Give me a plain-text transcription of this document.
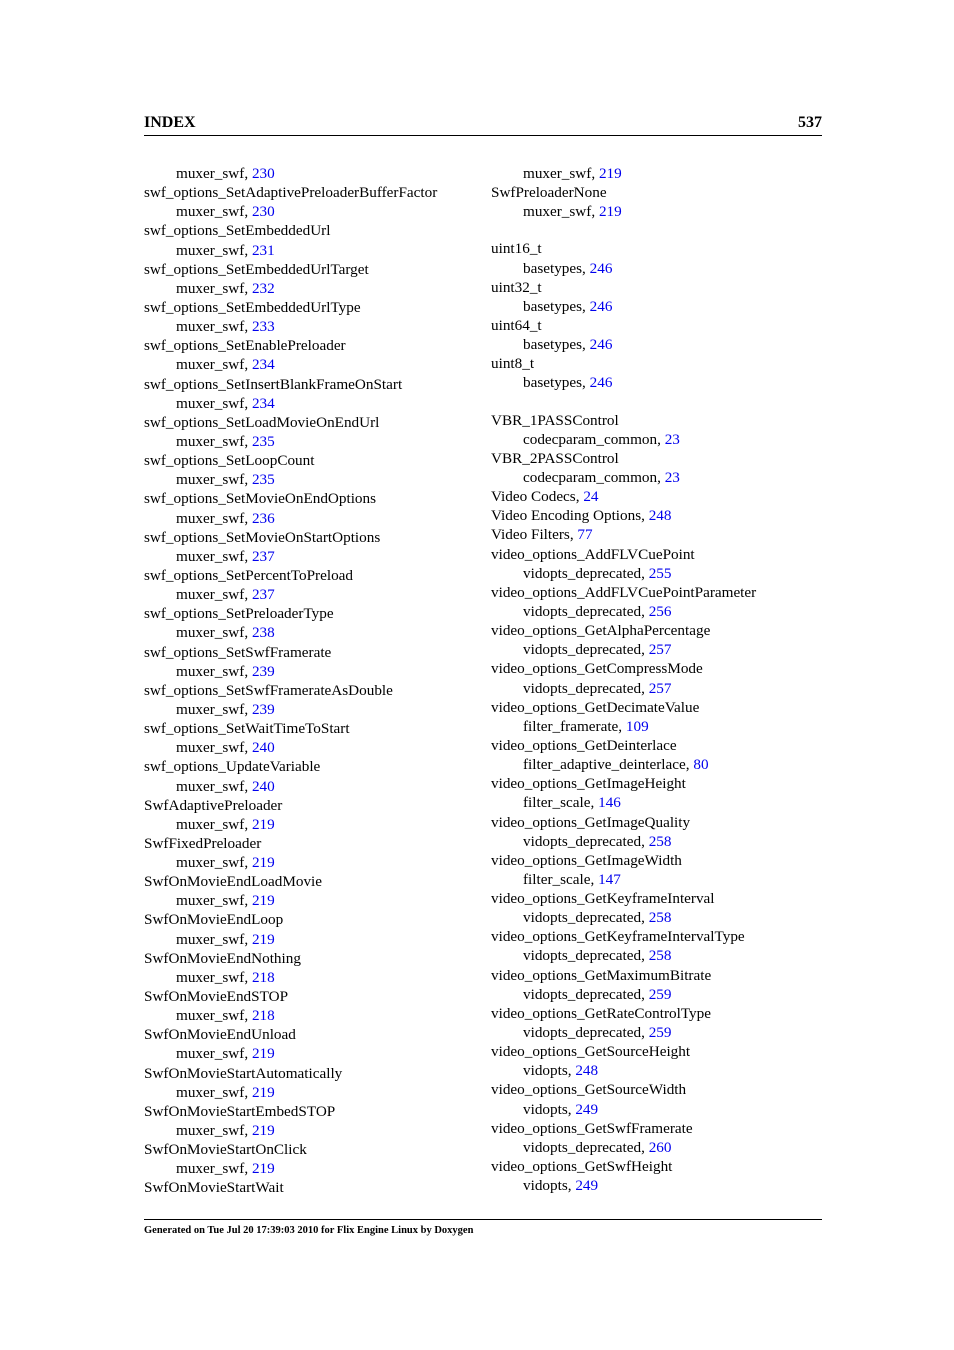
INDEX	537
muxer_swf, 230
swf_options_SetAdaptivePreloaderBufferFactor
muxer_swf, 230
swf_options_SetEmbeddedUrl
muxer_swf, 231
swf_options_SetEmbeddedUrlTarget
muxer_swf, 232
swf_options_SetEmbeddedUrlType
muxer_swf, 233
swf_options_SetEnablePreloader
muxer_swf, 234
swf_options_SetInsertBlankFrameOnStart
muxer_swf, 234
swf_options_SetLoadMovieOnEndUrl
muxer_swf, 235
swf_options_SetLoopCount
muxer_swf, 235
swf_options_SetMovieOnEndOptions
muxer_swf, 236
swf_options_SetMovieOnStartOptions
muxer_swf, 237
swf_options_SetPercentToPreload
muxer_swf, 237
swf_options_SetPreloaderType
muxer_swf, 238
swf_options_SetSwfFramerate
muxer_swf, 239
swf_options_SetSwfFramerateAsDouble
muxer_swf, 239
swf_options_SetWaitTimeToStart
muxer_swf, 240
swf_options_UpdateVariable
muxer_swf, 240
SwfAdaptivePreloader
muxer_swf, 219
SwfFixedPreloader
muxer_swf, 219
SwfOnMovieEndLoadMovie
muxer_swf, 219
SwfOnMovieEndLoop
muxer_swf, 219
SwfOnMovieEndNothing
muxer_swf, 218
SwfOnMovieEndSTOP
muxer_swf, 218
SwfOnMovieEndUnload
muxer_swf, 219
SwfOnMovieStartAutomatically
muxer_swf, 219
SwfOnMovieStartEmbedSTOP
muxer_swf, 219
SwfOnMovieStartOnClick
muxer_swf, 219
SwfOnMovieStartWait
muxer_swf, 219
SwfPreloaderNone
muxer_swf, 219
uint16_t
basetypes, 246
uint32_t
basetypes, 246
uint64_t
basetypes, 246
uint8_t
basetypes, 246
VBR_1PASSControl
codecparam_common, 23
VBR_2PASSControl
codecparam_common, 23
Video Codecs, 24
Video Encoding Options, 248
Video Filters, 77
video_options_AddFLVCuePoint
vidopts_deprecated, 255
video_options_AddFLVCuePointParameter
vidopts_deprecated, 256
video_options_GetAlphaPercentage
vidopts_deprecated, 257
video_options_GetCompressMode
vidopts_deprecated, 257
video_options_GetDecimateValue
filter_framerate, 109
video_options_GetDeinterlace
filter_adaptive_deinterlace, 80
video_options_GetImageHeight
filter_scale, 146
video_options_GetImageQuality
vidopts_deprecated, 258
video_options_GetImageWidth
filter_scale, 147
video_options_GetKeyframeInterval
vidopts_deprecated, 258
video_options_GetKeyframeIntervalType
vidopts_deprecated, 258
video_options_GetMaximumBitrate
vidopts_deprecated, 259
video_options_GetRateControlType
vidopts_deprecated, 259
video_options_GetSourceHeight
vidopts, 248
video_options_GetSourceWidth
vidopts, 249
video_options_GetSwfFramerate
vidopts_deprecated, 260
video_options_GetSwfHeight
vidopts, 249
Generated on Tue Jul 20 17:39:03 2010 for Flix Engine Linux by Doxygen
